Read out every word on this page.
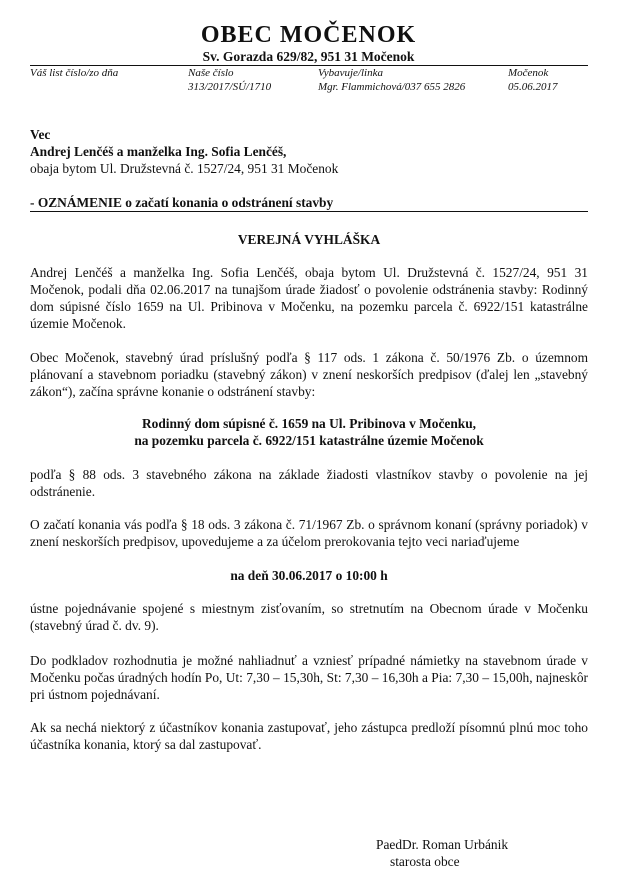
OBEC MOČENOK
Sv. Gorazda 629/82, 951 31 Močenok
Váš list číslo/zo dňa	Naše číslo
313/2017/SÚ/1710
Vybavuje/linka
Mgr. Flammichová/037 655 2826
Močenok
05.06.2017

Vec

Andrej Lenčéš a manželka Ing. Sofia Lenčéš,

obaja bytom Ul. Družstevná č. 1527/24, 951 31 Močenok

- OZNÁMENIE o začatí konania o odstránení stavby
VEREJNÁ VYHLÁŠKA
Andrej Lenčéš a manželka Ing. Sofia Lenčéš, obaja bytom Ul. Družstevná č. 1527/24, 951 31 Močenok, podali dňa 02.06.2017 na tunajšom úrade žiadosť o povolenie odstránenia stavby: Rodinný dom súpisné číslo 1659 na Ul. Pribinova v Močenku, na pozemku parcela č. 6922/151 katastrálne územie Močenok.
Obec Močenok, stavebný úrad príslušný podľa § 117 ods. 1 zákona č. 50/1976 Zb. o územnom plánovaní a stavebnom poriadku (stavebný zákon) v znení neskorších predpisov (ďalej len „stavebný zákon“), začína správne konanie o odstránení stavby:

Rodinný dom súpisné č. 1659 na Ul. Pribinova v Močenku,

na pozemku parcela č. 6922/151 katastrálne územie Močenok

podľa § 88 ods. 3 stavebného zákona na základe žiadosti vlastníkov stavby o povolenie na jej odstránenie.
O začatí konania vás podľa § 18 ods. 3 zákona č. 71/1967 Zb. o správnom konaní (správny poriadok) v znení neskorších predpisov, upovedujeme a za účelom prerokovania tejto veci nariaďujeme
na deň 30.06.2017 o 10:00 h
ústne pojednávanie spojené s miestnym zisťovaním, so stretnutím na Obecnom úrade v Močenku (stavebný úrad č. dv. 9).
Do podkladov rozhodnutia je možné nahliadnuť a vzniesť prípadné námietky na stavebnom úrade v Močenku počas úradných hodín Po, Ut: 7,30 – 15,30h, St: 7,30 – 16,30h a Pia: 7,30 – 15,00h, najneskôr pri ústnom pojednávaní.
Ak sa nechá niektorý z účastníkov konania zastupovať, jeho zástupca predloží písomnú plnú moc toho účastníka konania, ktorý sa dal zastupovať.
PaedDr. Roman Urbánik
starosta obce
